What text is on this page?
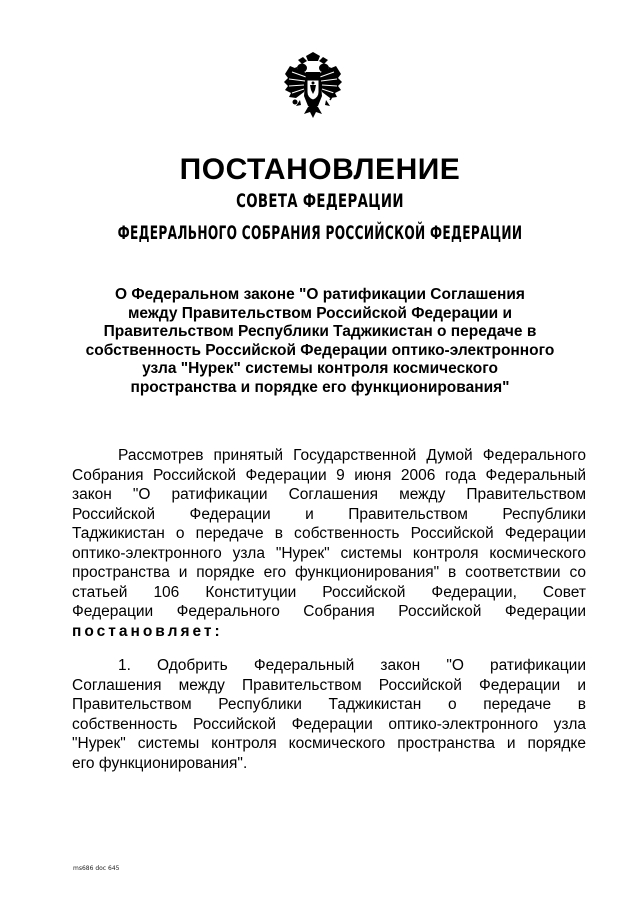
ПОСТАНОВЛЕНИЕ
СОВЕТА ФЕДЕРАЦИИ
ФЕДЕРАЛЬНОГО СОБРАНИЯ РОССИЙСКОЙ ФЕДЕРАЦИИ
О Федеральном законе "О ратификации Соглашения
между Правительством Российской Федерации и
Правительством Республики Таджикистан о передаче в
собственность Российской Федерации оптико-электронного
узла "Нурек" системы контроля космического
пространства и порядке его функционирования"
Рассмотрев принятый Государственной Думой Федерального
Собрания Российской Федерации 9 июня 2006 года Федеральный
закон "О ратификации Соглашения между Правительством
Российской Федерации и Правительством Республики
Таджикистан о передаче в собственность Российской Федерации
оптико-электронного узла "Нурек" системы контроля космического
пространства и порядке его функционирования" в соответствии со
статьей 106 Конституции Российской Федерации, Совет
Федерации Федерального Собрания Российской Федерации
постановляет:
1. Одобрить Федеральный закон "О ратификации
Соглашения между Правительством Российской Федерации и
Правительством Республики Таджикистан о передаче в
собственность Российской Федерации оптико-электронного узла
"Нурек" системы контроля космического пространства и порядке
его функционирования".
ms686 doc 645
